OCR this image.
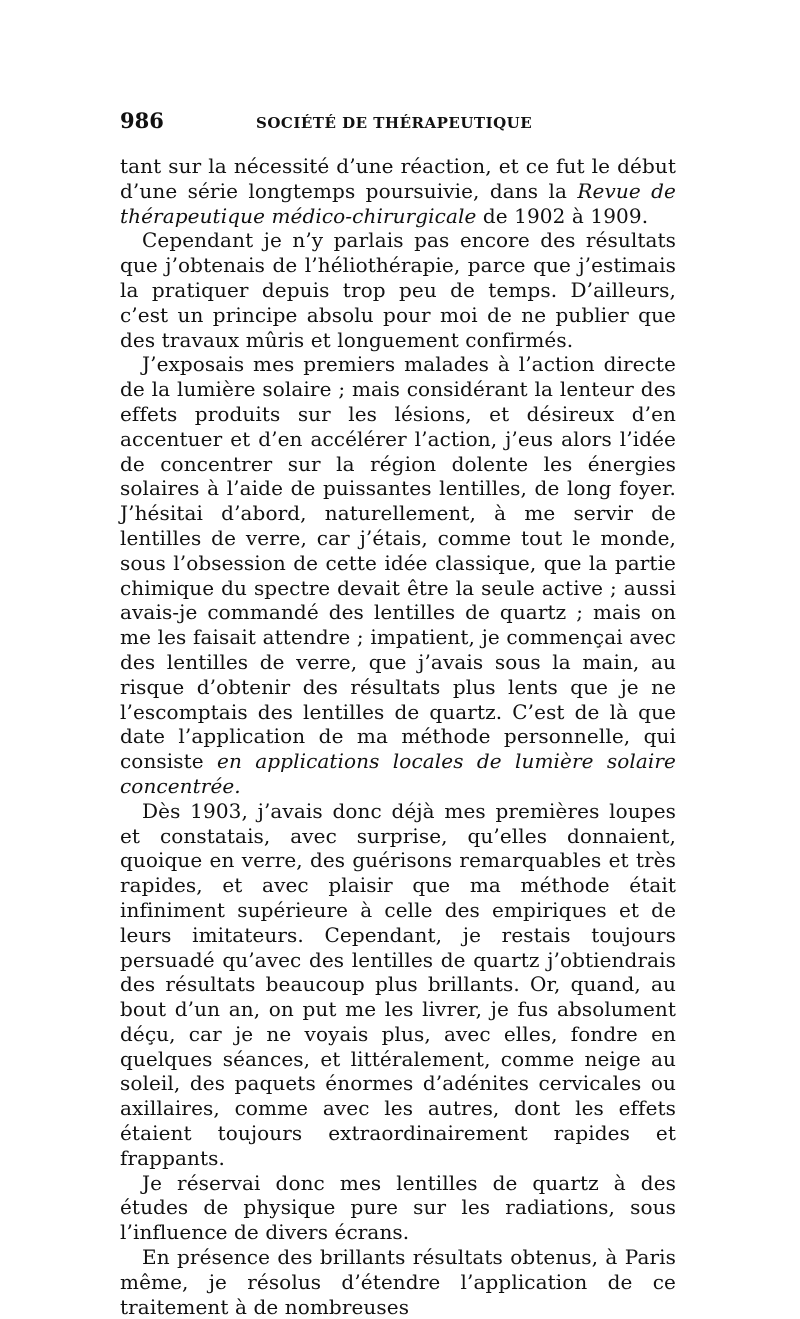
986	SOCIÉTÉ DE THÉRAPEUTIQUE

tant sur la nécessité d’une réaction, et ce fut le début d’une série longtemps poursuivie, dans la Revue de thérapeutique médico-chirurgicale de 1902 à 1909.

Cependant je n’y parlais pas encore des résultats que j’obtenais de l’héliothérapie, parce que j’estimais la pratiquer depuis trop peu de temps. D’ailleurs, c’est un principe absolu pour moi de ne publier que des travaux mûris et longuement confirmés.

J’exposais mes premiers malades à l’action directe de la lumière solaire ; mais considérant la lenteur des effets produits sur les lésions, et désireux d’en accentuer et d’en accélérer l’action, j’eus alors l’idée de concentrer sur la région dolente les énergies solaires à l’aide de puissantes lentilles, de long foyer. J’hésitai d’abord, naturellement, à me servir de lentilles de verre, car j’étais, comme tout le monde, sous l’obsession de cette idée classique, que la partie chimique du spectre devait être la seule active ; aussi avais-je commandé des lentilles de quartz ; mais on me les faisait attendre ; impatient, je commençai avec des lentilles de verre, que j’avais sous la main, au risque d’obtenir des résultats plus lents que je ne l’escomptais des lentilles de quartz. C’est de là que date l’application de ma méthode personnelle, qui consiste en applications locales de lumière solaire concentrée.

Dès 1903, j’avais donc déjà mes premières loupes et constatais, avec surprise, qu’elles donnaient, quoique en verre, des guérisons remarquables et très rapides, et avec plaisir que ma méthode était infiniment supérieure à celle des empiriques et de leurs imitateurs. Cependant, je restais toujours persuadé qu’avec des lentilles de quartz j’obtiendrais des résultats beaucoup plus brillants. Or, quand, au bout d’un an, on put me les livrer, je fus absolument déçu, car je ne voyais plus, avec elles, fondre en quelques séances, et littéralement, comme neige au soleil, des paquets énormes d’adénites cervicales ou axillaires, comme avec les autres, dont les effets étaient toujours extraordinairement rapides et frappants.

Je réservai donc mes lentilles de quartz à des études de physique pure sur les radiations, sous l’influence de divers écrans.

En présence des brillants résultats obtenus, à Paris même, je résolus d’étendre l’application de ce traitement à de nombreuses
